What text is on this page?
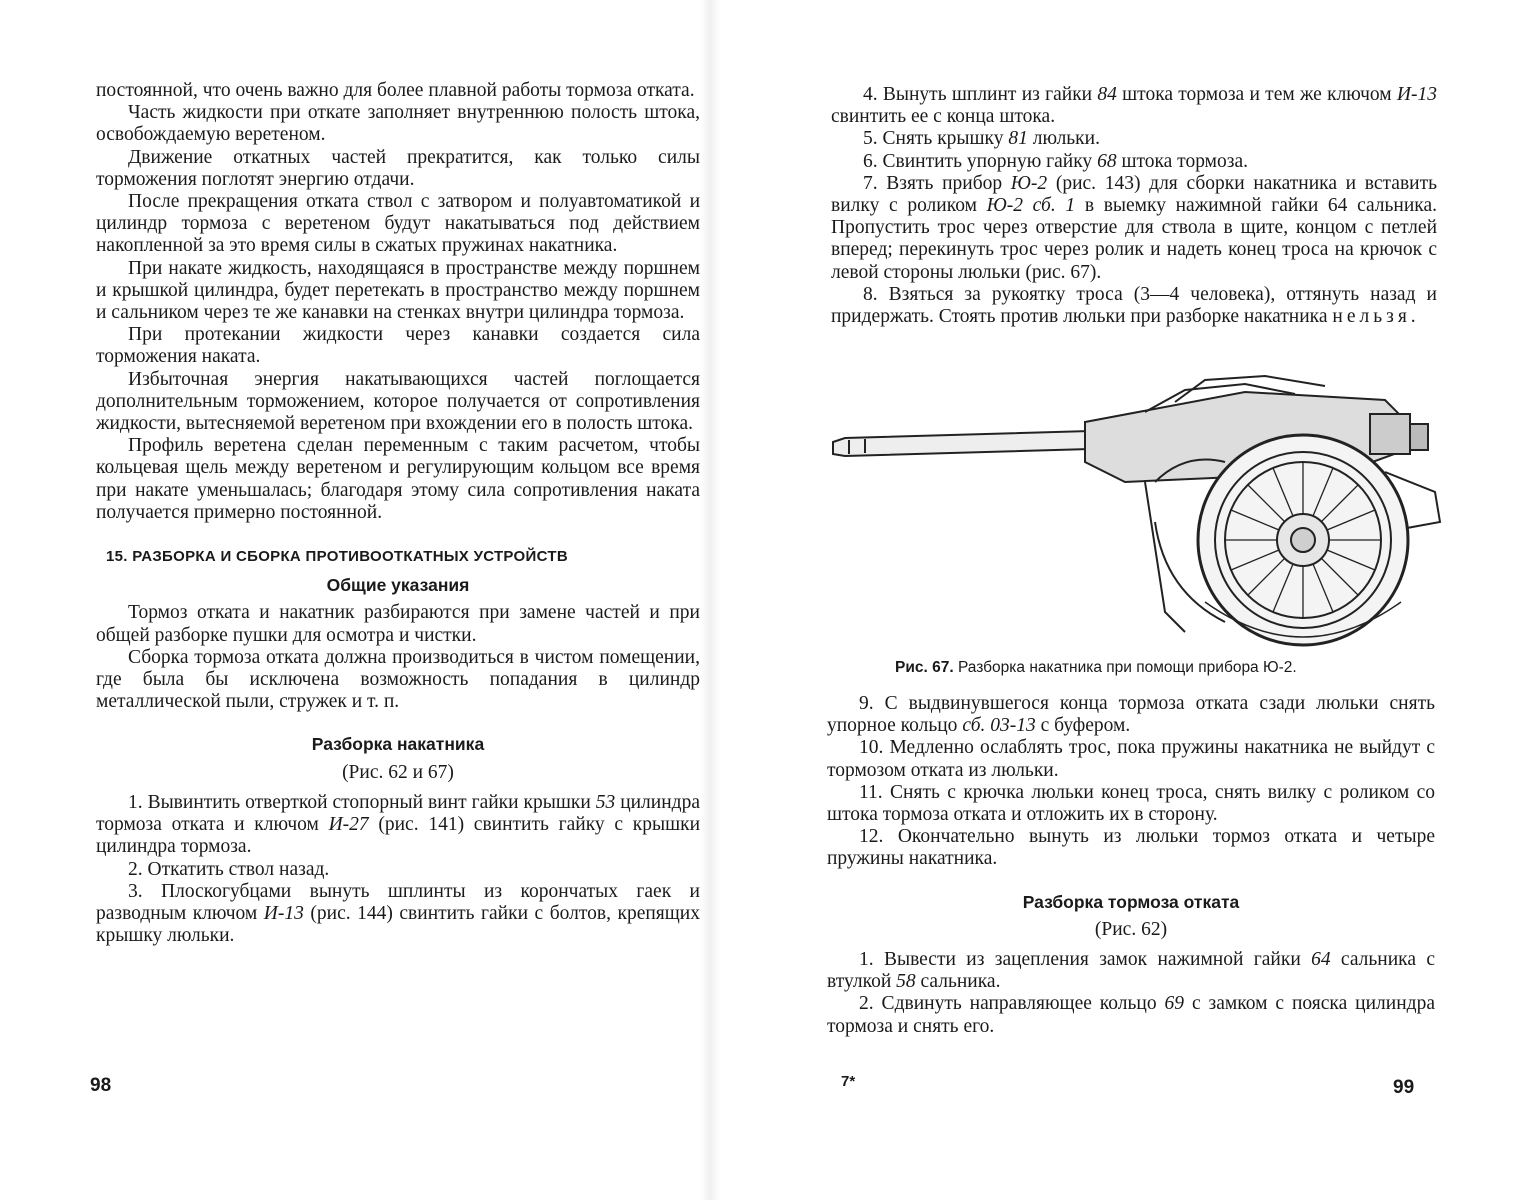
постоянной, что очень важно для более плавной работы тормоза отката.

Часть жидкости при откате заполняет внутреннюю полость штока, освобождаемую веретеном.

Движение откатных частей прекратится, как только силы торможения поглотят энергию отдачи.

После прекращения отката ствол с затвором и полуавтоматикой и цилиндр тормоза с веретеном будут накатываться под действием накопленной за это время силы в сжатых пружинах накатника.

При накате жидкость, находящаяся в пространстве между поршнем и крышкой цилиндра, будет перетекать в пространство между поршнем и сальником через те же канавки на стенках внутри цилиндра тормоза.

При протекании жидкости через канавки создается сила торможения наката.

Избыточная энергия накатывающихся частей поглощается дополнительным торможением, которое получается от сопротивления жидкости, вытесняемой веретеном при вхождении его в полость штока.

Профиль веретена сделан переменным с таким расчетом, чтобы кольцевая щель между веретеном и регулирующим кольцом все время при накате уменьшалась; благодаря этому сила сопротивления наката получается примерно постоянной.

15. РАЗБОРКА И СБОРКА ПРОТИВООТКАТНЫХ УСТРОЙСТВ

Общие указания

Тормоз отката и накатник разбираются при замене частей и при общей разборке пушки для осмотра и чистки.

Сборка тормоза отката должна производиться в чистом помещении, где была бы исключена возможность попадания в цилиндр металлической пыли, стружек и т. п.

Разборка накатника

(Рис. 62 и 67)

1. Вывинтить отверткой стопорный винт гайки крышки 53 цилиндра тормоза отката и ключом И-27 (рис. 141) свинтить гайку с крышки цилиндра тормоза.

2. Откатить ствол назад.

3. Плоскогубцами вынуть шплинты из корончатых гаек и разводным ключом И-13 (рис. 144) свинтить гайки с болтов, крепящих крышку люльки.

98

4. Вынуть шплинт из гайки 84 штока тормоза и тем же ключом И-13 свинтить ее с конца штока.

5. Снять крышку 81 люльки.

6. Свинтить упорную гайку 68 штока тормоза.

7. Взять прибор Ю-2 (рис. 143) для сборки накатника и вставить вилку с роликом Ю-2 сб. 1 в выемку нажимной гайки 64 сальника. Пропустить трос через отверстие для ствола в щите, концом с петлей вперед; перекинуть трос через ролик и надеть конец троса на крючок с левой стороны люльки (рис. 67).

8. Взяться за рукоятку троса (3—4 человека), оттянуть назад и придержать. Стоять против люльки при разборке накатника нельзя.

Рис. 67. Разборка накатника при помощи прибора Ю-2.

9. С выдвинувшегося конца тормоза отката сзади люльки снять упорное кольцо сб. 03-13 с буфером.

10. Медленно ослаблять трос, пока пружины накатника не выйдут с тормозом отката из люльки.

11. Снять с крючка люльки конец троса, снять вилку с роликом со штока тормоза отката и отложить их в сторону.

12. Окончательно вынуть из люльки тормоз отката и четыре пружины накатника.

Разборка тормоза отката

(Рис. 62)

1. Вывести из зацепления замок нажимной гайки 64 сальника с втулкой 58 сальника.

2. Сдвинуть направляющее кольцо 69 с замком с пояска цилиндра тормоза и снять его.

7*	99
